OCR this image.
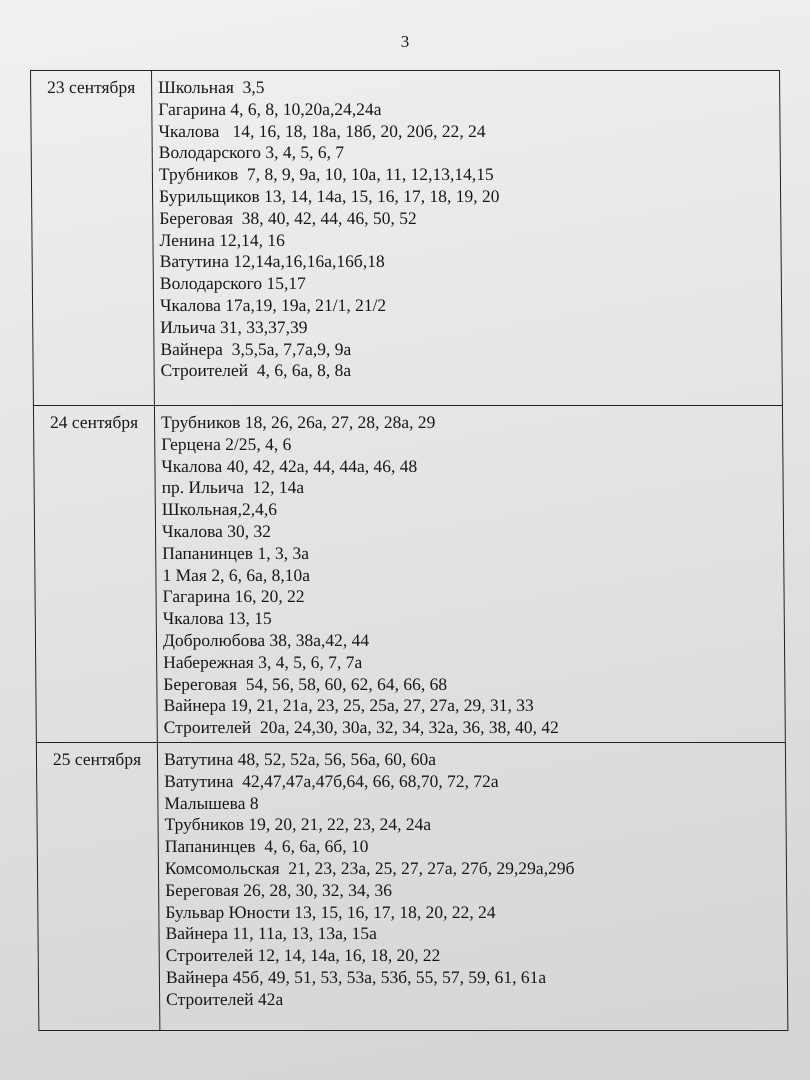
3
23 сентября	Школьная  3,5
Гагарина 4, 6, 8, 10,20а,24,24а
Чкалова   14, 16, 18, 18а, 18б, 20, 20б, 22, 24
Володарского 3, 4, 5, 6, 7
Трубников  7, 8, 9, 9а, 10, 10а, 11, 12,13,14,15
Бурильщиков 13, 14, 14а, 15, 16, 17, 18, 19, 20
Береговая  38, 40, 42, 44, 46, 50, 52
Ленина 12,14, 16
Ватутина 12,14а,16,16а,16б,18
Володарского 15,17
Чкалова 17а,19, 19а, 21/1, 21/2
Ильича 31, 33,37,39
Вайнера  3,5,5а, 7,7а,9, 9а
Строителей  4, 6, 6а, 8, 8а

24 сентября	Трубников 18, 26, 26а, 27, 28, 28а, 29
Герцена 2/25, 4, 6
Чкалова 40, 42, 42а, 44, 44а, 46, 48
пр. Ильича  12, 14а
Школьная,2,4,6
Чкалова 30, 32
Папанинцев 1, 3, 3а
1 Мая 2, 6, 6а, 8,10а
Гагарина 16, 20, 22
Чкалова 13, 15
Добролюбова 38, 38а,42, 44
Набережная 3, 4, 5, 6, 7, 7а
Береговая  54, 56, 58, 60, 62, 64, 66, 68
Вайнера 19, 21, 21а, 23, 25, 25а, 27, 27а, 29, 31, 33
Строителей  20а, 24,30, 30а, 32, 34, 32а, 36, 38, 40, 42

25 сентября	Ватутина 48, 52, 52а, 56, 56а, 60, 60а
Ватутина  42,47,47а,47б,64, 66, 68,70, 72, 72а
Малышева 8
Трубников 19, 20, 21, 22, 23, 24, 24а
Папанинцев  4, 6, 6а, 6б, 10
Комсомольская  21, 23, 23а, 25, 27, 27а, 27б, 29,29а,29б
Береговая 26, 28, 30, 32, 34, 36
Бульвар Юности 13, 15, 16, 17, 18, 20, 22, 24
Вайнера 11, 11а, 13, 13а, 15а
Строителей 12, 14, 14а, 16, 18, 20, 22
Вайнера 45б, 49, 51, 53, 53а, 53б, 55, 57, 59, 61, 61а
Строителей 42а
